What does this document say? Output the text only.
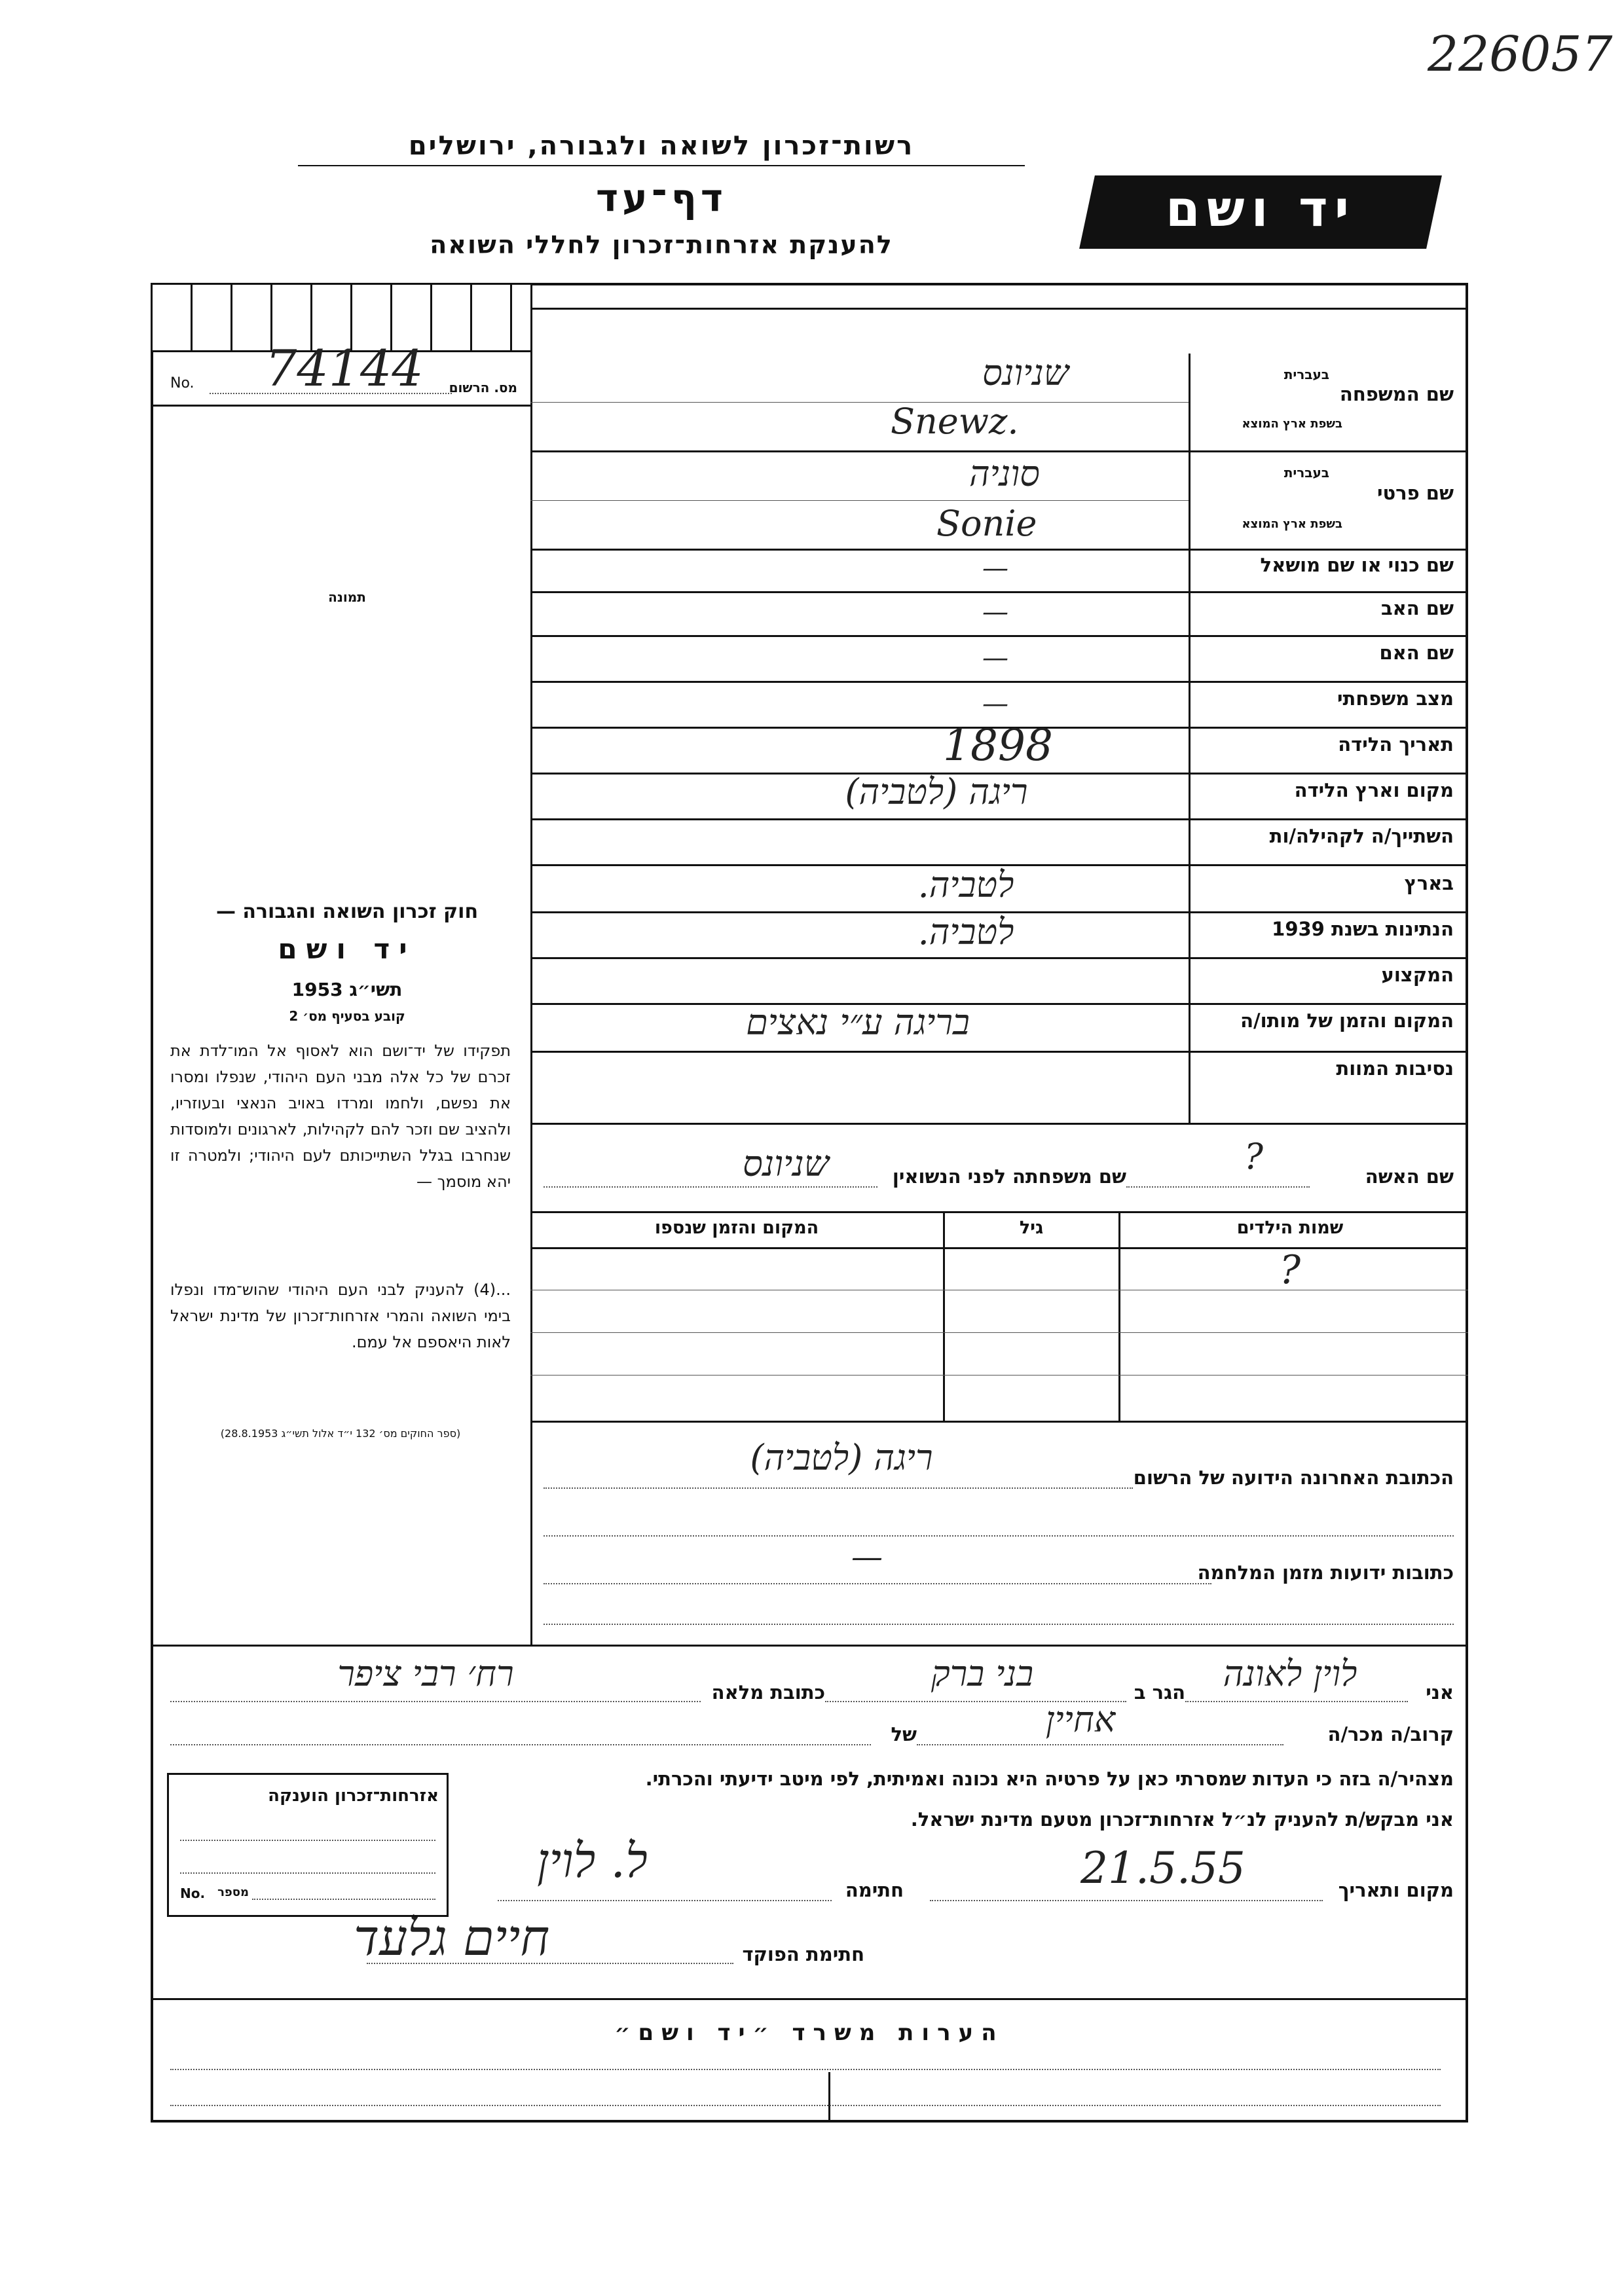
226057
רשות־זכרון לשואה ולגבורה, ירושלים
דף־עד
להענקת אזרחות־זכרון לחללי השואה
יד ושם
No. 74144 מס. הרשום
תמונה
חוק זכרון השואה והגבורה —
יד ושם
תשי״ג 1953
קובע בסעיף מס׳ 2
תפקידו של יד־ושם הוא לאסוף אל המו־לדת את זכרם של כל אלה מבני העם היהודי, שנפלו ומסרו את נפשם, ולחמו ומרדו באויב הנאצי ובעוזריו, ולהציב שם וזכר להם לקהילות, לארגונים ולמוסדות שנחרבו בגלל השתייכותם לעם היהודי; ולמטרה זו יהא מוסמך —
...(4) להעניק לבני העם היהודי שהוש־מדו ונפלו בימי השואה והמרי אזרחות־זכרון של מדינת ישראל לאות היאספם אל עמם.
(ספר החוקים מס׳ 132 י״ד אלול תשי״ג 28.8.1953)
שם המשפחה
בעברית
בשפת ארץ המוצא
שניונס
Snewz.
שם פרטי
בעברית
בשפת ארץ המוצא
סוניה
Sonie
שם כנוי או שם מושאל
—
שם האב
—
שם האם
—
מצב משפחתי
—
תאריך הלידה
1898
מקום וארץ הלידה
ריגה (לטביה)
השתייך/ה לקהילה/ות
בארץ
לטביה.
הנתינות בשנת 1939
לטביה.
המקצוע
המקום והזמן של מותו/ה
בריגה ע״י נאצים
נסיבות המוות
שם האשה
?
שם משפחתה לפני הנשואין
שניונס
שמות הילדים
גיל
המקום והזמן שנספו
?
הכתובת האחרונה הידועה של הרשום
ריגה (לטביה)
כתובות ידועות מזמן המלחמה
—
אני
לוין לאונה
הגר ב
בני ברק
כתובת מלאה
רח׳ רבי ציפר
קרוב/ה מכר/ה
אחיין
של
מצהיר/ה בזה כי העדות שמסרתי כאן על פרטיה היא נכונה ואמיתית, לפי מיטב ידיעתי והכרתי.
אני מבקש/ת להעניק לנ״ל אזרחות־זכרון מטעם מדינת ישראל.
מקום ותאריך
21.5.55
חתימה
ל. לוין
חתימת הפוקד
חיים גלעד
אזרחות־זכרון הוענקה
No.	מספר
הערות משרד ״יד ושם״
